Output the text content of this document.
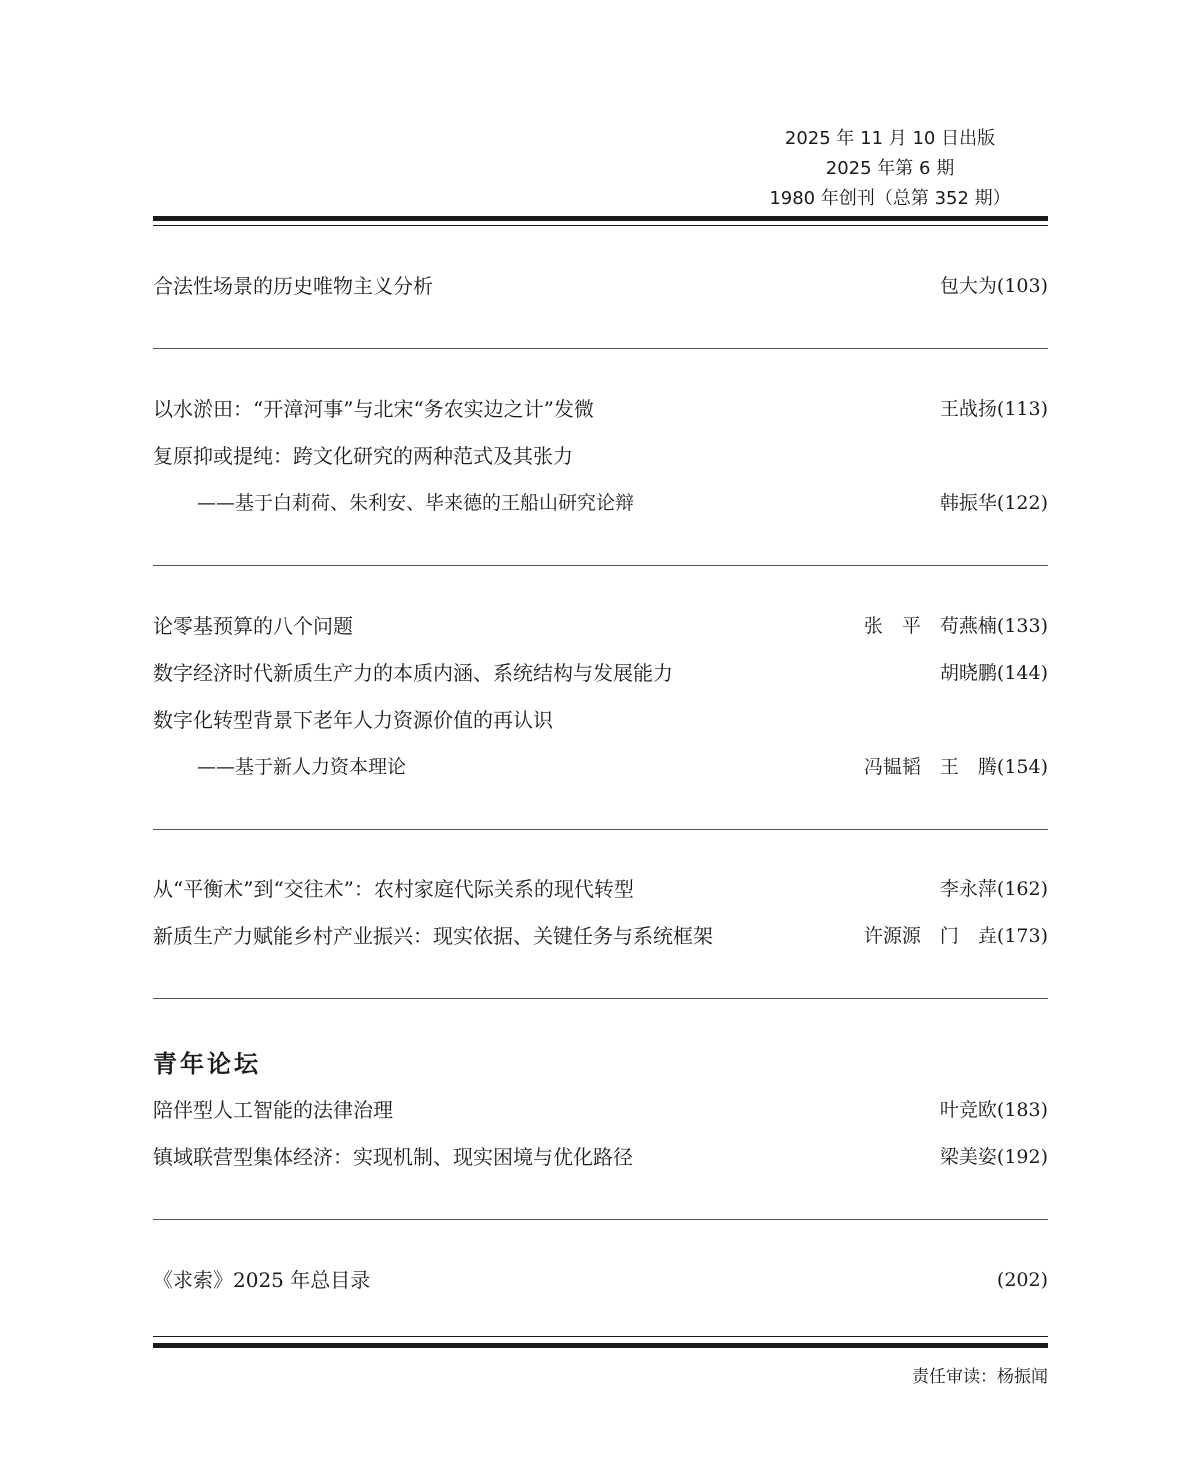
2025 年 11 月 10 日出版
2025 年第 6 期
1980 年创刊（总第 352 期）
合法性场景的历史唯物主义分析	包大为(103)
以水淤田：“开漳河事”与北宋“务农实边之计”发微	王战扬(113)
复原抑或提纯：跨文化研究的两种范式及其张力
——基于白莉荷、朱利安、毕来德的王船山研究论辩	韩振华(122)
论零基预算的八个问题	张　平　苟燕楠(133)
数字经济时代新质生产力的本质内涵、系统结构与发展能力	胡晓鹏(144)
数字化转型背景下老年人力资源价值的再认识
——基于新人力资本理论	冯韫韬　王　腾(154)
从“平衡术”到“交往术”：农村家庭代际关系的现代转型	李永萍(162)
新质生产力赋能乡村产业振兴：现实依据、关键任务与系统框架	许源源　门　垚(173)
青年论坛
陪伴型人工智能的法律治理	叶竞欧(183)
镇域联营型集体经济：实现机制、现实困境与优化路径	梁美姿(192)
《求索》2025 年总目录	(202)
责任审读：杨振闻
